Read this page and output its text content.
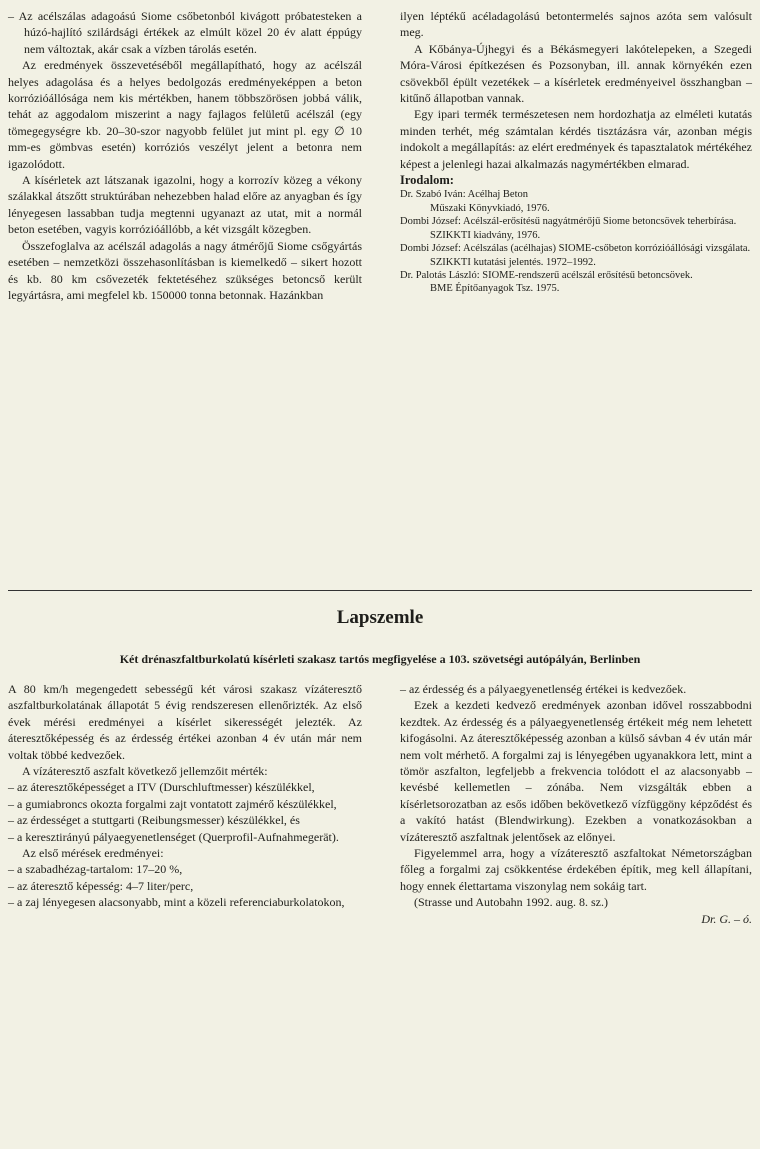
– Az acélszálas adagoású Siome csőbetonból kivágott próbatesteken a húzó-hajlító szilárdsági értékek az elmúlt közel 20 év alatt éppúgy nem változtak, akár csak a vízben tárolás esetén.

Az eredmények összevetéséből megállapítható, hogy az acélszál helyes adagolása és a helyes bedolgozás eredményeképpen a beton korrózióállósága nem kis mértékben, hanem többszörösen jobbá válik, tehát az aggodalom miszerint a nagy fajlagos felületű acélszál (egy tömegegységre kb. 20–30-szor nagyobb felület jut mint pl. egy ∅ 10 mm-es gömbvas esetén) korróziós veszélyt jelent a betonra nem igazolódott.

A kísérletek azt látszanak igazolni, hogy a korrozív közeg a vékony szálakkal átszőtt struktúrában nehezebben halad előre az anyagban és így lényegesen lassabban tudja megtenni ugyanazt az utat, mit a normál beton esetében, vagyis korrózióállóbb, a két vizsgált közegben.

Összefoglalva az acélszál adagolás a nagy átmérőjű Siome csőgyártás esetében – nemzetközi összehasonlításban is kiemelkedő – sikert hozott és kb. 80 km csővezeték fektetéséhez szükséges betoncső került legyártásra, ami megfelel kb. 150000 tonna betonnak. Hazánkban

ilyen léptékű acéladagolású betontermelés sajnos azóta sem valósult meg.

A Kőbánya-Újhegyi és a Békásmegyeri lakótelepeken, a Szegedi Móra-Városi építkezésen és Pozsonyban, ill. annak környékén ezen csövekből épült vezetékek – a kísérletek eredményeivel összhangban – kitűnő állapotban vannak.

Egy ipari termék természetesen nem hordozhatja az elméleti kutatás minden terhét, még számtalan kérdés tisztázásra vár, azonban mégis indokolt a megállapítás: az elért eredmények és tapasztalatok mértékéhez képest a jelenlegi hazai alkalmazás nagymértékben elmarad.

Irodalom:

Dr. Szabó Iván: Acélhaj Beton
Műszaki Könyvkiadó, 1976.
Dombi József: Acélszál-erősítésű nagyátmérőjű Siome betoncsövek teherbírása.
SZIKKTI kiadvány, 1976.
Dombi József: Acélszálas (acélhajas) SIOME-csőbeton korrózióállósági vizsgálata.
SZIKKTI kutatási jelentés. 1972–1992.
Dr. Palotás László: SIOME-rendszerű acélszál erősítésű betoncsövek.
BME Építőanyagok Tsz. 1975.
Lapszemle
Két drénaszfaltburkolatú kísérleti szakasz tartós megfigyelése a 103. szövetségi autópályán, Berlinben

A 80 km/h megengedett sebességű két városi szakasz vízáteresztő aszfaltburkolatának állapotát 5 évig rendszeresen ellenőrizték. Az első évek mérési eredményei a kísérlet sikerességét jelezték. Az áteresztőképesség és az érdesség értékei azonban 4 év után már nem voltak többé kedvezőek.

A vízáteresztő aszfalt következő jellemzőit mérték:

– az áteresztőképességet a ITV (Durschluftmesser) készülékkel,

– a gumiabroncs okozta forgalmi zajt vontatott zajmérő készülékkel,

– az érdességet a stuttgarti (Reibungsmesser) készülékkel, és

– a keresztirányú pályaegyenetlenséget (Querprofil-Aufnahmegerät).

Az első mérések eredményei:

– a szabadhézag-tartalom: 17–20 %,

– az áteresztő képesség: 4–7 liter/perc,

– a zaj lényegesen alacsonyabb, mint a közeli referenciaburkolatokon,

– az érdesség és a pályaegyenetlenség értékei is kedvezőek.

Ezek a kezdeti kedvező eredmények azonban idővel rosszabbodni kezdtek. Az érdesség és a pályaegyenetlenség értékeit még nem lehetett kifogásolni. Az áteresztőképesség azonban a külső sávban 4 év után már nem volt mérhető. A forgalmi zaj is lényegében ugyanakkora lett, mint a tömör aszfalton, legfeljebb a frekvencia tolódott el az alacsonyabb – kevésbé kellemetlen – zónába. Nem vizsgálták ebben a kísérletsorozatban az esős időben bekövetkező vízfüggöny képződést és a vakító hatást (Blendwirkung). Ezekben a vonatkozásokban a vízáteresztő aszfaltnak jelentősek az előnyei.

Figyelemmel arra, hogy a vízáteresztő aszfaltokat Németországban főleg a forgalmi zaj csökkentése érdekében építik, meg kell állapítani, hogy ennek élettartama viszonylag nem sokáig tart.

(Strasse und Autobahn 1992. aug. 8. sz.)

Dr. G. – ó.
